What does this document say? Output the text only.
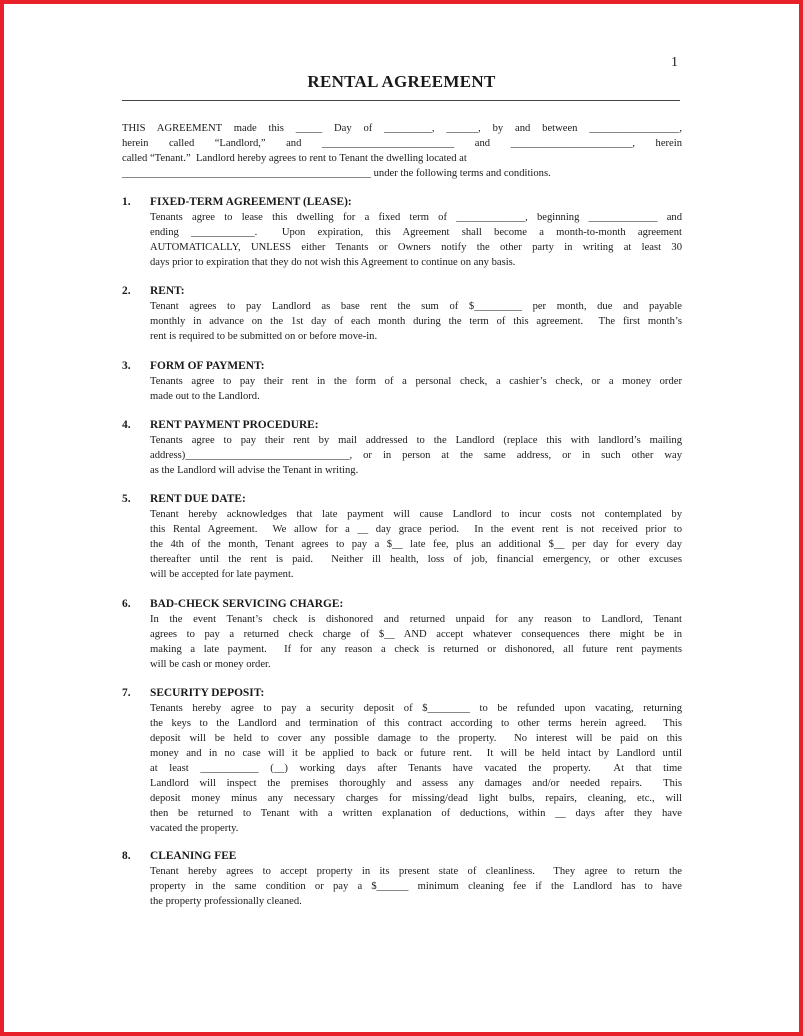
1
RENTAL AGREEMENT
THIS AGREEMENT made this _____ Day of _________, ______, by and between _________________,
herein called “Landlord,” and _________________________ and _______________________, herein
called “Tenant.”  Landlord hereby agrees to rent to Tenant the dwelling located at
_______________________________________________ under the following terms and conditions.
1.	FIXED-TERM AGREEMENT (LEASE):
Tenants agree to lease this dwelling for a fixed term of _____________, beginning _____________ and
ending ____________.  Upon expiration, this Agreement shall become a month-to-month agreement
AUTOMATICALLY, UNLESS either Tenants or Owners notify the other party in writing at least 30
days prior to expiration that they do not wish this Agreement to continue on any basis.
2.	RENT:
Tenant agrees to pay Landlord as base rent the sum of $_________ per month, due and payable
monthly in advance on the 1st day of each month during the term of this agreement.  The first month’s
rent is required to be submitted on or before move-in.
3.	FORM OF PAYMENT:
Tenants agree to pay their rent in the form of a personal check, a cashier’s check, or a money order
made out to the Landlord.
4.	RENT PAYMENT PROCEDURE:
Tenants agree to pay their rent by mail addressed to the Landlord (replace this with landlord’s mailing
address)_______________________________, or in person at the same address, or in such other way
as the Landlord will advise the Tenant in writing.
5.	RENT DUE DATE:
Tenant hereby acknowledges that late payment will cause Landlord to incur costs not contemplated by
this Rental Agreement.  We allow for a __ day grace period.  In the event rent is not received prior to
the 4th of the month, Tenant agrees to pay a $__ late fee, plus an additional $__ per day for every day
thereafter until the rent is paid.  Neither ill health, loss of job, financial emergency, or other excuses
will be accepted for late payment.
6.	BAD-CHECK SERVICING CHARGE:
In the event Tenant’s check is dishonored and returned unpaid for any reason to Landlord, Tenant
agrees to pay a returned check charge of $__ AND accept whatever consequences there might be in
making a late payment.  If for any reason a check is returned or dishonored, all future rent payments
will be cash or money order.
7.	SECURITY DEPOSIT:
Tenants hereby agree to pay a security deposit of $________ to be refunded upon vacating, returning
the keys to the Landlord and termination of this contract according to other terms herein agreed.  This
deposit will be held to cover any possible damage to the property.  No interest will be paid on this
money and in no case will it be applied to back or future rent.  It will be held intact by Landlord until
at least ___________ (__) working days after Tenants have vacated the property.  At that time
Landlord will inspect the premises thoroughly and assess any damages and/or needed repairs.  This
deposit money minus any necessary charges for missing/dead light bulbs, repairs, cleaning, etc., will
then be returned to Tenant with a written explanation of deductions, within __ days after they have
vacated the property.
8.	CLEANING FEE
Tenant hereby agrees to accept property in its present state of cleanliness.  They agree to return the
property in the same condition or pay a $______ minimum cleaning fee if the Landlord has to have
the property professionally cleaned.
